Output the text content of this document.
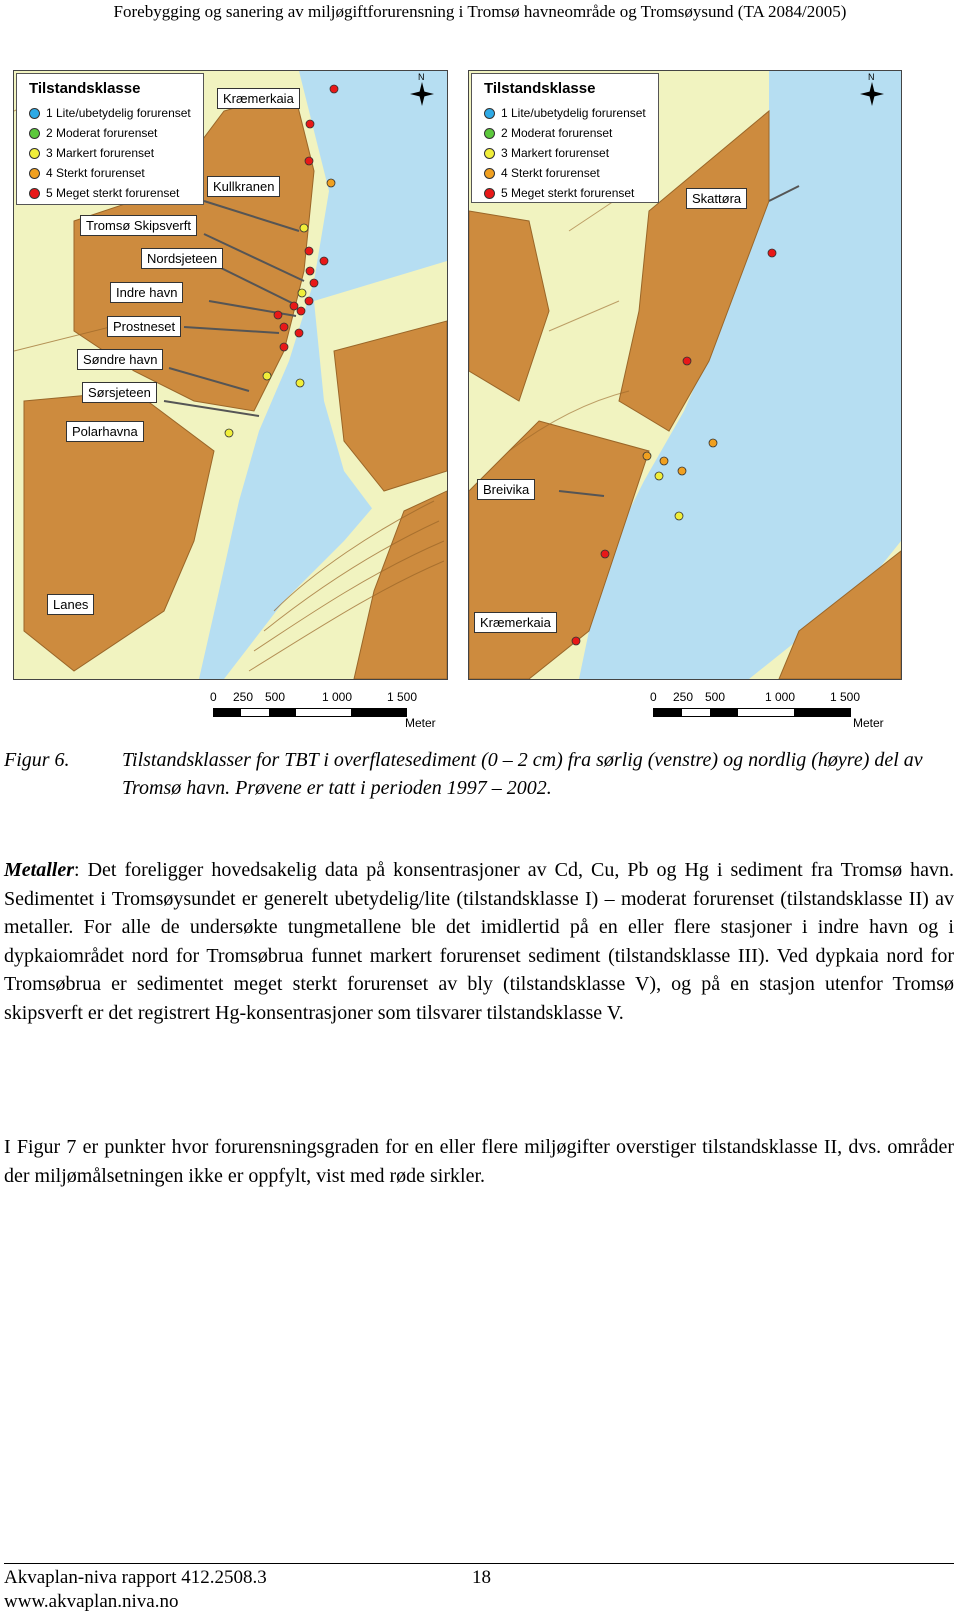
Forebygging og sanering av miljøgiftforurensning i Tromsø havneområde og Tromsøysund (TA 2084/2005)
Tilstandsklasse
1 Lite/ubetydelig forurenset
2 Moderat forurenset
3 Markert forurenset
4 Sterkt forurenset
5 Meget sterkt forurenset
N
Kræmerkaia
Kullkranen
Tromsø Skipsverft
Nordsjeteen
Indre havn
Prostneset
Søndre havn
Sørsjeteen
Polarhavna
Lanes
Tilstandsklasse
1 Lite/ubetydelig forurenset
2 Moderat forurenset
3 Markert forurenset
4 Sterkt forurenset
5 Meget sterkt forurenset
N
Skattøra
Breivika
Kræmerkaia
0 250 500	1 000	1 500
Meter
0 250 500	1 000	1 500
Meter
Figur 6.	Tilstandsklasser for TBT i overflatesediment (0 – 2 cm) fra sørlig (venstre) og nordlig (høyre) del av Tromsø havn. Prøvene er tatt i perioden 1997 – 2002.
Metaller: Det foreligger hovedsakelig data på konsentrasjoner av Cd, Cu, Pb og Hg i sediment fra Tromsø havn. Sedimentet i Tromsøysundet er generelt ubetydelig/lite (tilstandsklasse I) – moderat forurenset (tilstandsklasse II) av metaller. For alle de undersøkte tungmetallene ble det imidlertid på en eller flere stasjoner i indre havn og i dypkaiområdet nord for Tromsøbrua funnet markert forurenset sediment (tilstandsklasse III). Ved dypkaia nord for Tromsøbrua er sedimentet meget sterkt forurenset av bly (tilstandsklasse V), og på en stasjon utenfor Tromsø skipsverft er det registrert Hg-konsentrasjoner som tilsvarer tilstandsklasse V.
I Figur 7 er punkter hvor forurensningsgraden for en eller flere miljøgifter overstiger tilstandsklasse II, dvs. områder der miljømålsetningen ikke er oppfylt, vist med røde sirkler.
Akvaplan-niva rapport 412.2508.3	18
www.akvaplan.niva.no
